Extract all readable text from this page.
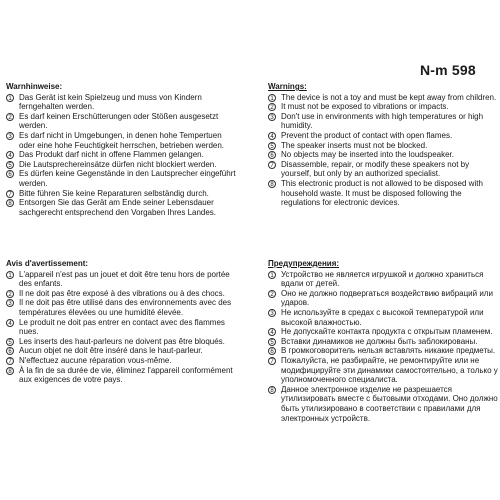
N-m 598
Warnhinweise:
1 Das Gerät ist kein Spielzeug und muss von Kindern ferngehalten werden.
2 Es darf keinen Erschütterungen oder Stößen ausgesetzt werden.
3 Es darf nicht in Umgebungen, in denen hohe Tempertuen oder eine hohe Feuchtigkeit herrschen, betrieben werden.
4 Das Produkt darf nicht in offene Flammen gelangen.
5 Die Lautsprechereinsätze dürfen nicht blockiert werden.
6 Es dürfen keine Gegenstände in den Lautsprecher eingeführt werden.
7 Bitte führen Sie keine Reparaturen selbständig durch.
8 Entsorgen Sie das Gerät am Ende seiner Lebensdauer sachgerecht entsprechend den Vorgaben Ihres Landes.
Warnings:
1 The device is not a toy and must be kept away from children.
2 It must not be exposed to vibrations or impacts.
3 Don't use in environments with high temperatures or high humidity.
4 Prevent the product of contact with open flames.
5 The speaker inserts must not be blocked.
6 No objects may be inserted into the loudspeaker.
7 Disassemble, repair, or modify these speakers not by yourself, but only by an authorized specialist.
8 This electronic product is not allowed to be disposed with household waste. It must be disposed following the regulations for electronic devices.
Avis d'avertissement:
1 L'appareil n'est pas un jouet et doit être tenu hors de portée des enfants.
2 Il ne doit pas être exposé à des vibrations ou à des chocs.
3 Il ne doit pas être utilisé dans des environnements avec des températures élevées ou une humidité élevée.
4 Le produit ne doit pas entrer en contact avec des flammes nues.
5 Les inserts des haut-parleurs ne doivent pas être bloqués.
6 Aucun objet ne doit être inséré dans le haut-parleur.
7 N'effectuez aucune réparation vous-même.
8 À la fin de sa durée de vie, éliminez l'appareil conformément aux exigences de votre pays.
Предупреждения:
1 Устройство не является игрушкой и должно храниться вдали от детей.
2 Оно не должно подвергаться воздействию вибраций или ударов.
3 Не используйте в средах с высокой температурой или высокой влажностью.
4 Не допускайте контакта продукта с открытым пламенем.
5 Вставки динамиков не должны быть заблокированы.
6 В громкоговоритель нельзя вставлять никакие предметы.
7 Пожалуйста, не разбирайте, не ремонтируйте или не модифицируйте эти динамики самостоятельно, а только у уполномоченного специалиста.
8 Данное электронное изделие не разрешается утилизировать вместе с бытовыми отходами. Оно должно быть утилизировано в соответствии с правилами для электронных устройств.
